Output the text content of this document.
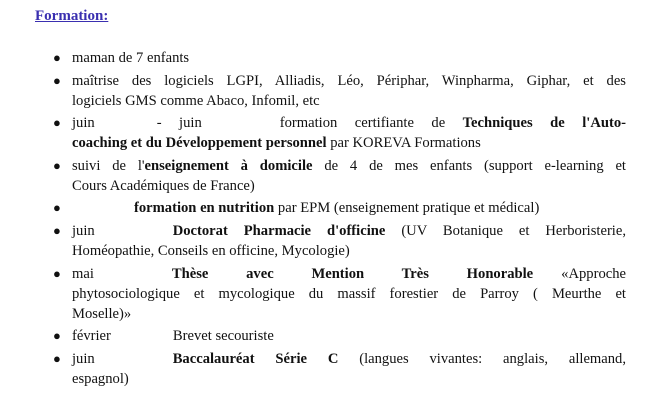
Formation:
● maman de 7 enfants
● maîtrise des logiciels LGPI, Alliadis, Léo, Périphar, Winpharma, Giphar, et des
logiciels GMS comme Abaco, Infomil, etc
● juin	- juin	formation certifiante de Techniques de l'Auto-
coaching et du Développement personnel par KOREVA Formations
● suivi de l'enseignement à domicile de 4 de mes enfants (support e-learning et
Cours Académiques de France)
●	formation en nutrition par EPM (enseignement pratique et médical)
● juin	Doctorat Pharmacie d'officine (UV Botanique et Herboristerie,
Homéopathie, Conseils en officine, Mycologie)
● mai	Thèse avec Mention Très Honorable «Approche
phytosociologique et mycologique du massif forestier de Parroy ( Meurthe et
Moselle)»
● février	Brevet secouriste
● juin	Baccalauréat Série C (langues vivantes: anglais, allemand,
espagnol)
